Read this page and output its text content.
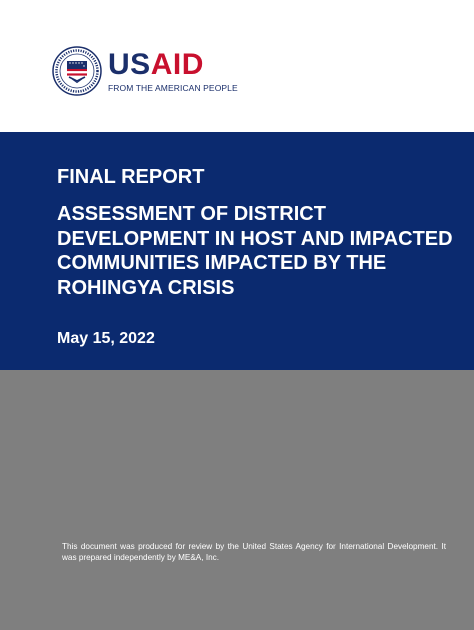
USAID
FROM THE AMERICAN PEOPLE
FINAL REPORT
ASSESSMENT OF DISTRICT DEVELOPMENT IN HOST AND IMPACTED COMMUNITIES IMPACTED BY THE ROHINGYA CRISIS
May 15, 2022
This document was produced for review by the United States Agency for International Development. It was prepared independently by ME&A, Inc.
